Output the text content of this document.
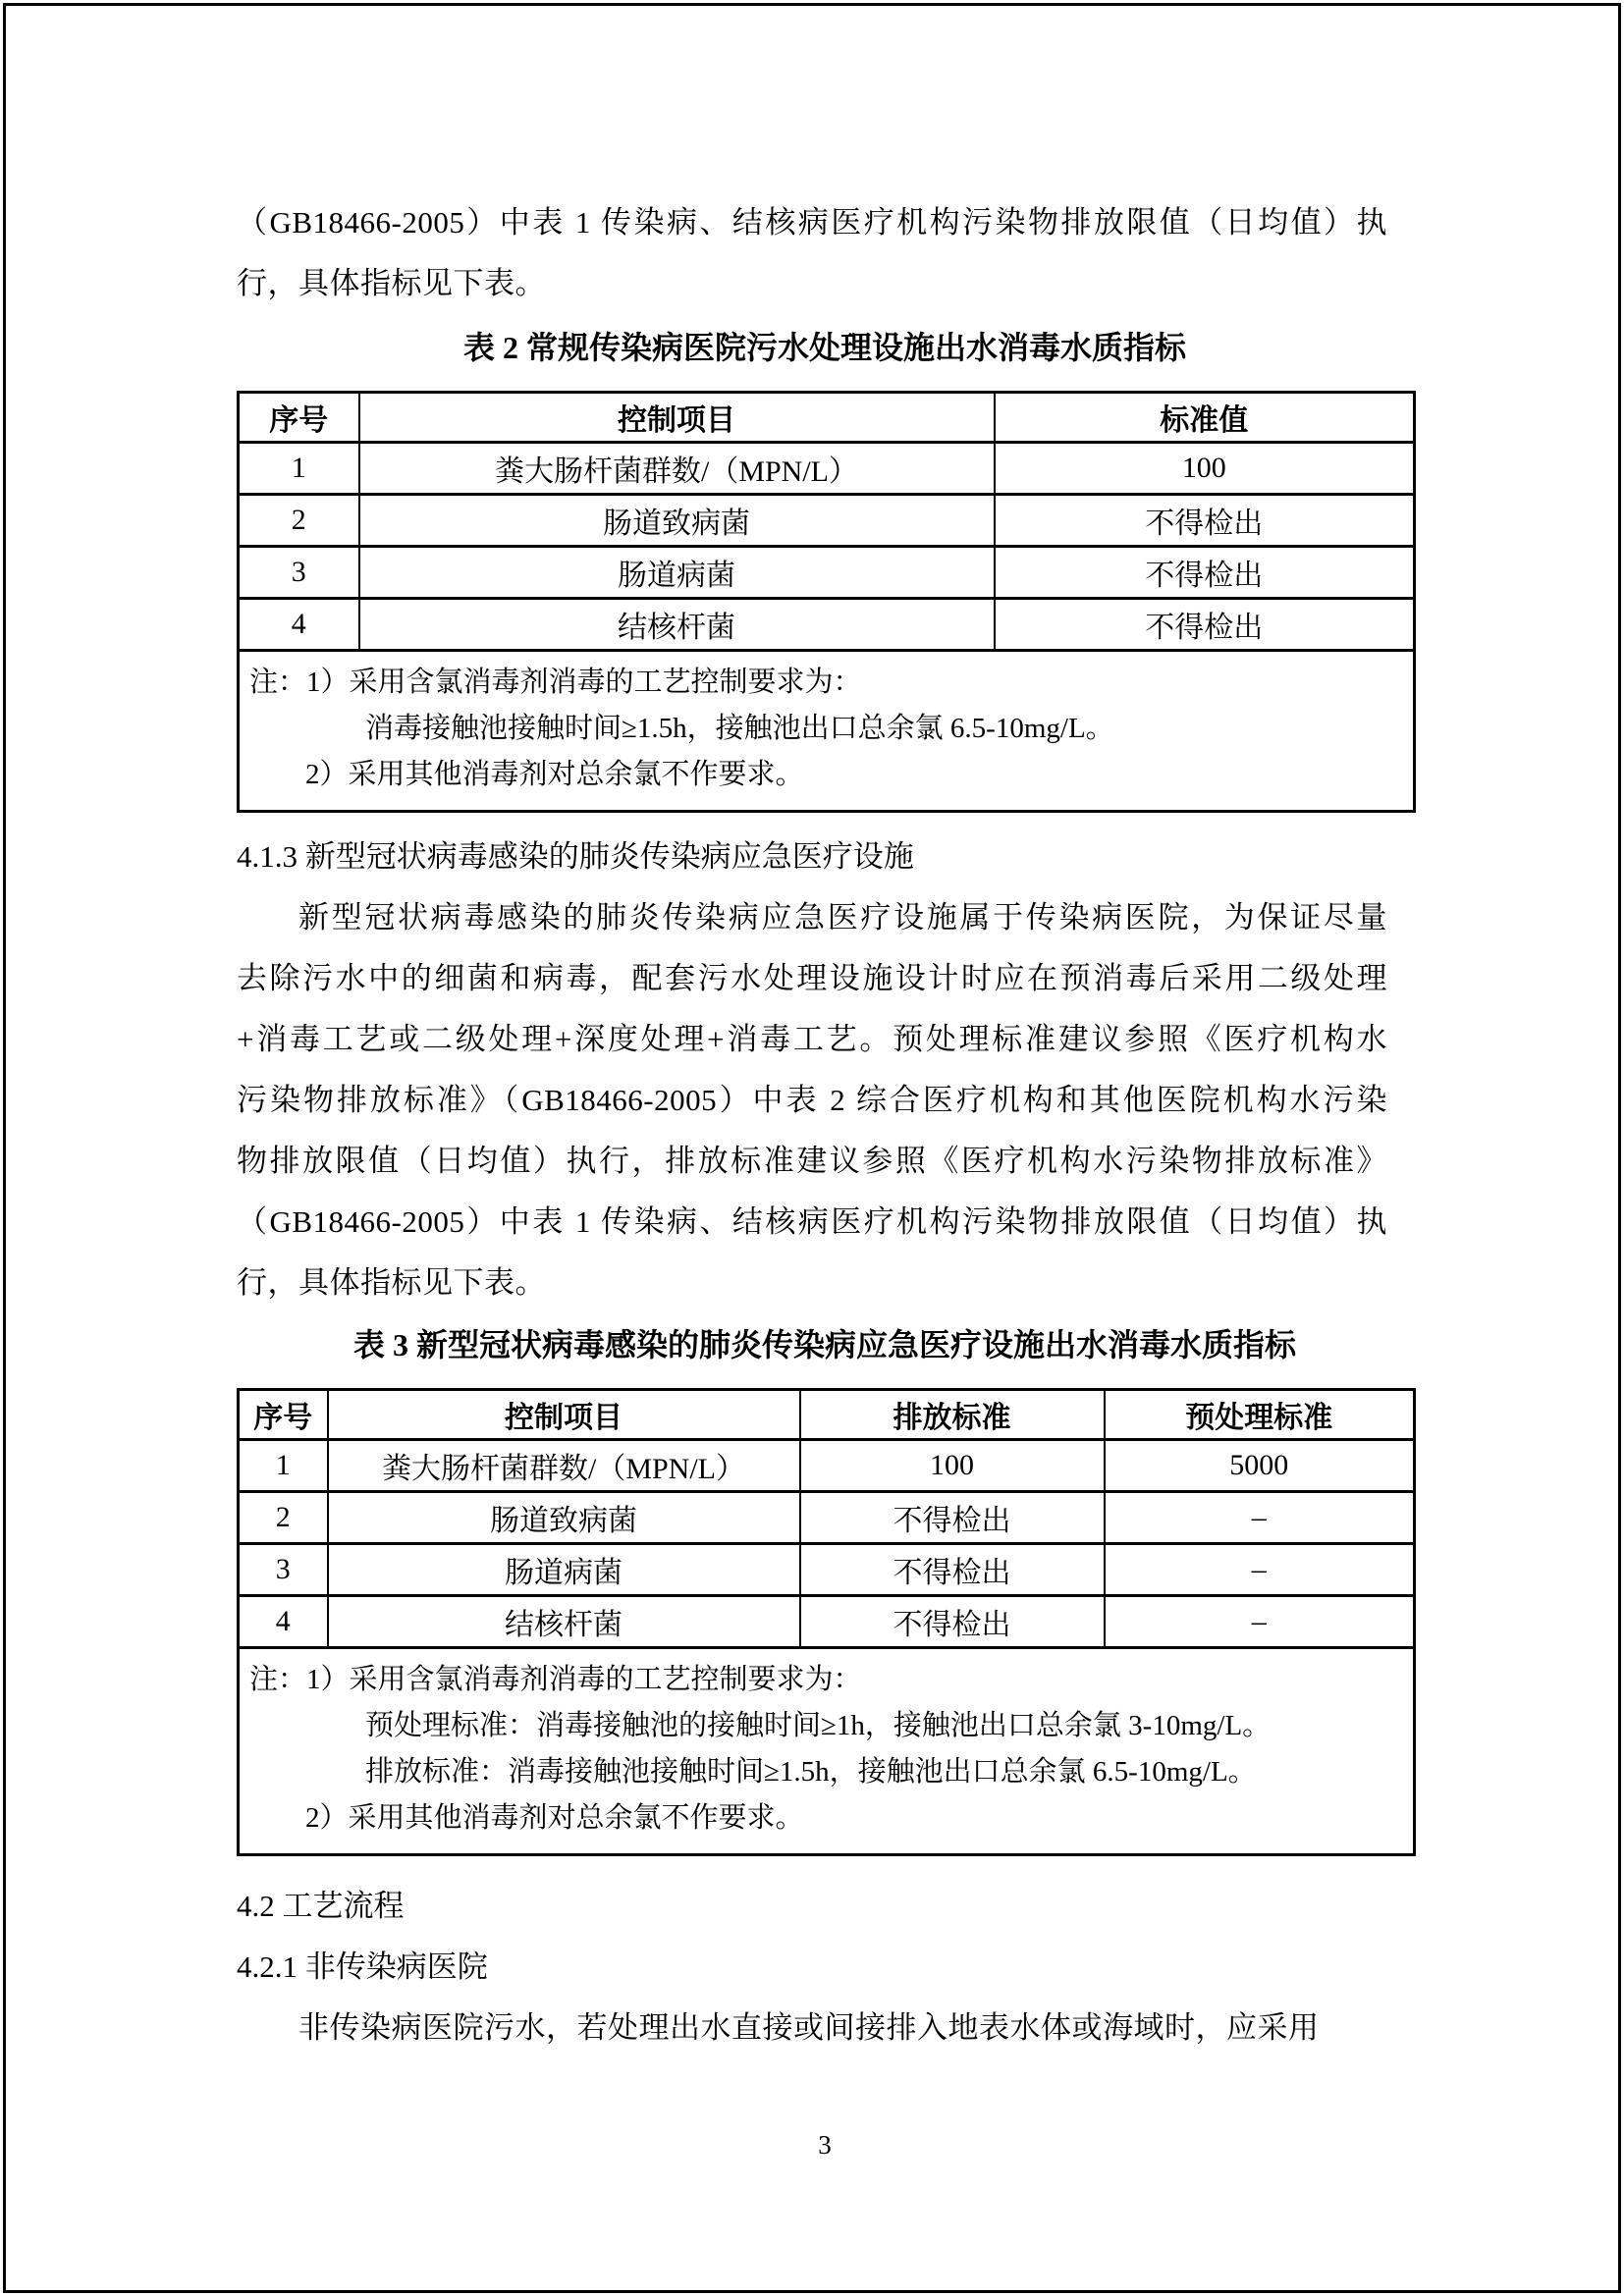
（GB18466-2005）中表 1 传染病、结核病医疗机构污染物排放限值（日均值）执
行，具体指标见下表。
表 2 常规传染病医院污水处理设施出水消毒水质指标
序号	控制项目	标准值
1	粪大肠杆菌群数/（MPN/L）	100
2	肠道致病菌	不得检出
3	肠道病菌	不得检出
4	结核杆菌	不得检出

注：1）采用含氯消毒剂消毒的工艺控制要求为：
消毒接触池接触时间≥1.5h，接触池出口总余氯 6.5-10mg/L。
2）采用其他消毒剂对总余氯不作要求。		
4.1.3 新型冠状病毒感染的肺炎传染病应急医疗设施
新型冠状病毒感染的肺炎传染病应急医疗设施属于传染病医院，为保证尽量
去除污水中的细菌和病毒，配套污水处理设施设计时应在预消毒后采用二级处理
+消毒工艺或二级处理+深度处理+消毒工艺。预处理标准建议参照《医疗机构水
污染物排放标准》（GB18466-2005）中表 2 综合医疗机构和其他医院机构水污染
物排放限值（日均值）执行，排放标准建议参照《医疗机构水污染物排放标准》
（GB18466-2005）中表 1 传染病、结核病医疗机构污染物排放限值（日均值）执
行，具体指标见下表。
表 3 新型冠状病毒感染的肺炎传染病应急医疗设施出水消毒水质指标
序号	控制项目	排放标准	预处理标准
1	粪大肠杆菌群数/（MPN/L）	100	5000
2	肠道致病菌	不得检出	–
3	肠道病菌	不得检出	–
4	结核杆菌	不得检出	–

注：1）采用含氯消毒剂消毒的工艺控制要求为：
预处理标准：消毒接触池的接触时间≥1h，接触池出口总余氯 3-10mg/L。
排放标准：消毒接触池接触时间≥1.5h，接触池出口总余氯 6.5-10mg/L。
2）采用其他消毒剂对总余氯不作要求。			
4.2 工艺流程
4.2.1 非传染病医院
非传染病医院污水，若处理出水直接或间接排入地表水体或海域时，应采用
3
